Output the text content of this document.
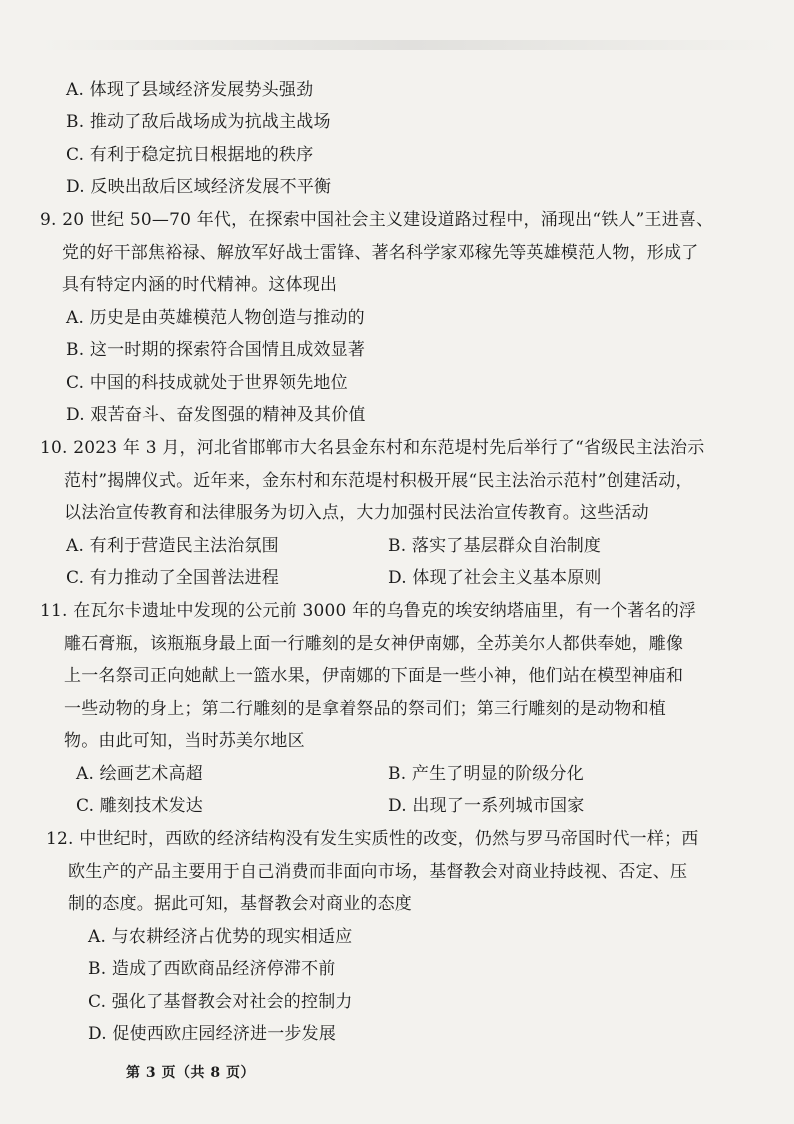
A. 体现了县域经济发展势头强劲
B. 推动了敌后战场成为抗战主战场
C. 有利于稳定抗日根据地的秩序
D. 反映出敌后区域经济发展不平衡
9. 20 世纪 50—70 年代，在探索中国社会主义建设道路过程中，涌现出“铁人”王进喜、
党的好干部焦裕禄、解放军好战士雷锋、著名科学家邓稼先等英雄模范人物，形成了
具有特定内涵的时代精神。这体现出
A. 历史是由英雄模范人物创造与推动的
B. 这一时期的探索符合国情且成效显著
C. 中国的科技成就处于世界领先地位
D. 艰苦奋斗、奋发图强的精神及其价值
10. 2023 年 3 月，河北省邯郸市大名县金东村和东范堤村先后举行了“省级民主法治示
范村”揭牌仪式。近年来，金东村和东范堤村积极开展“民主法治示范村”创建活动，
以法治宣传教育和法律服务为切入点，大力加强村民法治宣传教育。这些活动
A. 有利于营造民主法治氛围	B. 落实了基层群众自治制度
C. 有力推动了全国普法进程	D. 体现了社会主义基本原则
11. 在瓦尔卡遗址中发现的公元前 3000 年的乌鲁克的埃安纳塔庙里，有一个著名的浮
雕石膏瓶，该瓶瓶身最上面一行雕刻的是女神伊南娜，全苏美尔人都供奉她，雕像
上一名祭司正向她献上一篮水果，伊南娜的下面是一些小神，他们站在模型神庙和
一些动物的身上；第二行雕刻的是拿着祭品的祭司们；第三行雕刻的是动物和植
物。由此可知，当时苏美尔地区
A. 绘画艺术高超	B. 产生了明显的阶级分化
C. 雕刻技术发达	D. 出现了一系列城市国家
12. 中世纪时，西欧的经济结构没有发生实质性的改变，仍然与罗马帝国时代一样；西
欧生产的产品主要用于自己消费而非面向市场，基督教会对商业持歧视、否定、压
制的态度。据此可知，基督教会对商业的态度
A. 与农耕经济占优势的现实相适应
B. 造成了西欧商品经济停滞不前
C. 强化了基督教会对社会的控制力
D. 促使西欧庄园经济进一步发展
第 3 页（共 8 页）
